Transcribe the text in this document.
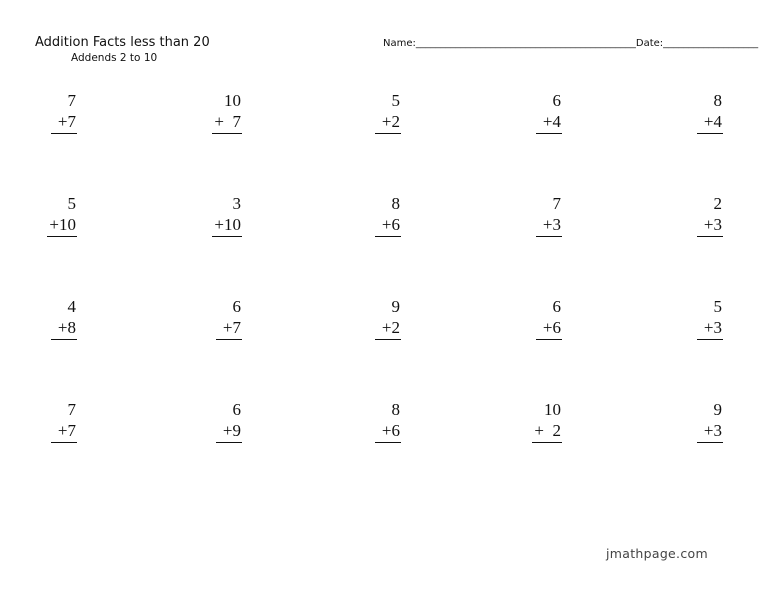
Addition Facts less than 20
Addends 2 to 10
Name:____________________________________________Date:___________________
7
+7
10
+  7
5
+2
6
+4
8
+4
5
+10
3
+10
8
+6
7
+3
2
+3
4
+8
6
+7
9
+2
6
+6
5
+3
7
+7
6
+9
8
+6
10
+  2
9
+3
jmathpage.com
